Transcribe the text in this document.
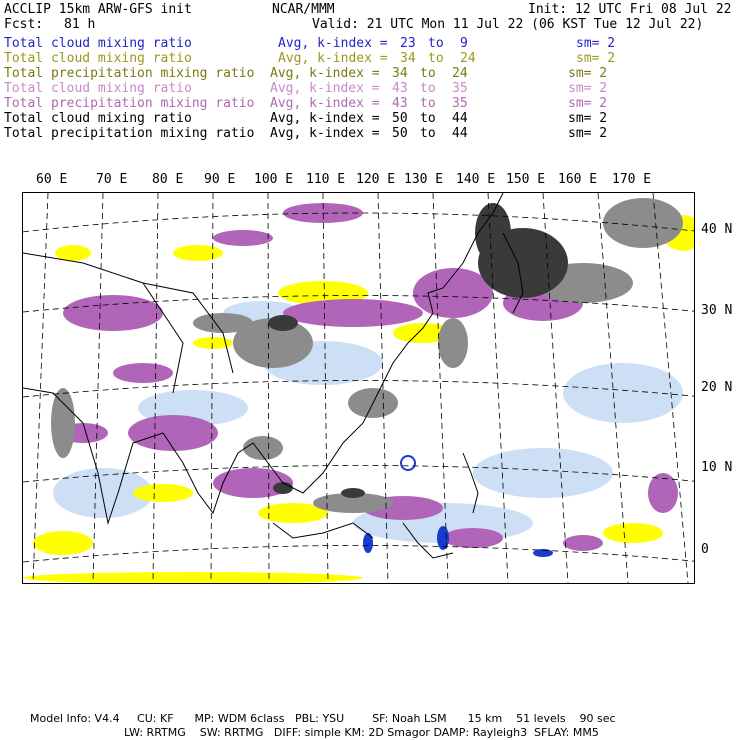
ACCLIP 15km ARW-GFS init	NCAR/MMM	Init: 12 UTC Fri 08 Jul 22
Fcst: 81 h	Valid: 21 UTC Mon 11 Jul 22 (06 KST Tue 12 Jul 22)
Total cloud mixing ratio	Avg, k-index = 23 to 9	sm= 2
Total cloud mixing ratio	Avg, k-index = 34 to 24	sm= 2
Total precipitation mixing ratio Avg, k-index = 34 to 24	sm= 2
Total cloud mixing ratio	Avg, k-index = 43 to 35	sm= 2
Total precipitation mixing ratio Avg, k-index = 43 to 35	sm= 2
Total cloud mixing ratio	Avg, k-index = 50 to 44	sm= 2
Total precipitation mixing ratio Avg, k-index = 50 to 44	sm= 2
60 E 70 E 80 E 90 E 100 E 110 E 120 E 130 E 140 E 150 E 160 E 170 E
40 N
30 N
20 N
10 N
0
Model Info: V4.4     CU: KF      MP: WDM 6class   PBL: YSU        SF: Noah LSM      15 km    51 levels    90 sec
LW: RRTMG    SW: RRTMG   DIFF: simple KM: 2D Smagor DAMP: Rayleigh3  SFLAY: MM5
